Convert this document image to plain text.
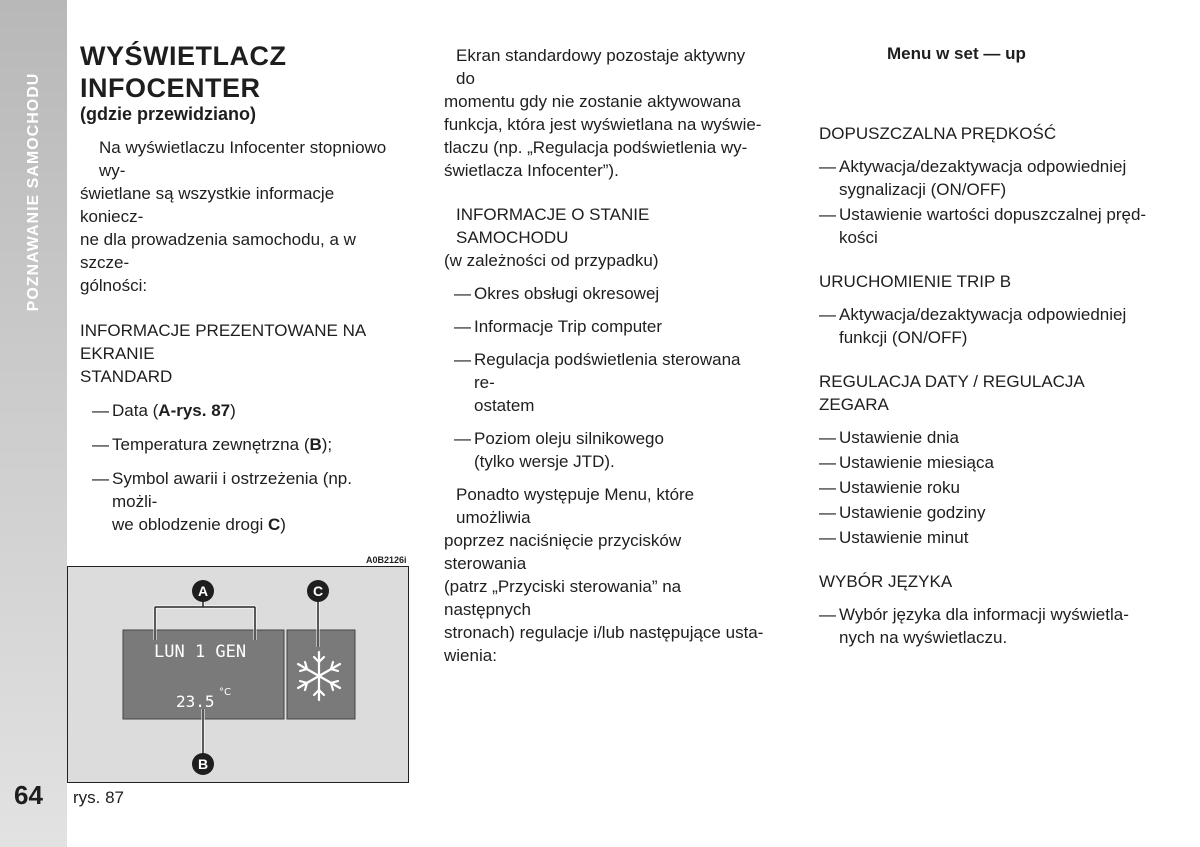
POZNAWANIE SAMOCHODU
64
WYŚWIETLACZ
INFOCENTER
(gdzie przewidziano)

Na wyświetlaczu Infocenter stopniowo wy-

świetlane są wszystkie informacje koniecz-

ne dla prowadzenia samochodu, a w szcze-

gólności:

INFORMACJE PREZENTOWANE NA EKRANIE

STANDARD

— Data (A-rys. 87)

— Temperatura zewnętrzna (B);

— Symbol awarii i ostrzeżenia (np. możli-

we oblodzenie drogi C)

A0B2126i
LUN 1 GEN
23.5 °C
A	C
B
rys. 87

Ekran standardowy pozostaje aktywny do

momentu gdy nie zostanie aktywowana

funkcja, która jest wyświetlana na wyświe-

tlaczu (np. „Regulacja podświetlenia wy-

świetlacza Infocenter”).

INFORMACJE O STANIE SAMOCHODU

(w zależności od przypadku)

— Okres obsługi okresowej

— Informacje Trip computer

— Regulacja podświetlenia sterowana re-

ostatem

— Poziom oleju silnikowego

(tylko wersje JTD).

Ponadto występuje Menu, które umożliwia

poprzez naciśnięcie przycisków sterowania

(patrz „Przyciski sterowania” na następnych

stronach) regulacje i/lub następujące usta-

wienia:

Menu w set — up

DOPUSZCZALNA PRĘDKOŚĆ

— Aktywacja/dezaktywacja odpowiedniej

sygnalizacji (ON/OFF)

— Ustawienie wartości dopuszczalnej pręd-

kości

URUCHOMIENIE TRIP B

— Aktywacja/dezaktywacja odpowiedniej

funkcji (ON/OFF)

REGULACJA DATY / REGULACJA ZEGARA

— Ustawienie dnia

— Ustawienie miesiąca

— Ustawienie roku

— Ustawienie godziny

— Ustawienie minut

WYBÓR JĘZYKA

— Wybór języka dla informacji wyświetla-

nych na wyświetlaczu.
